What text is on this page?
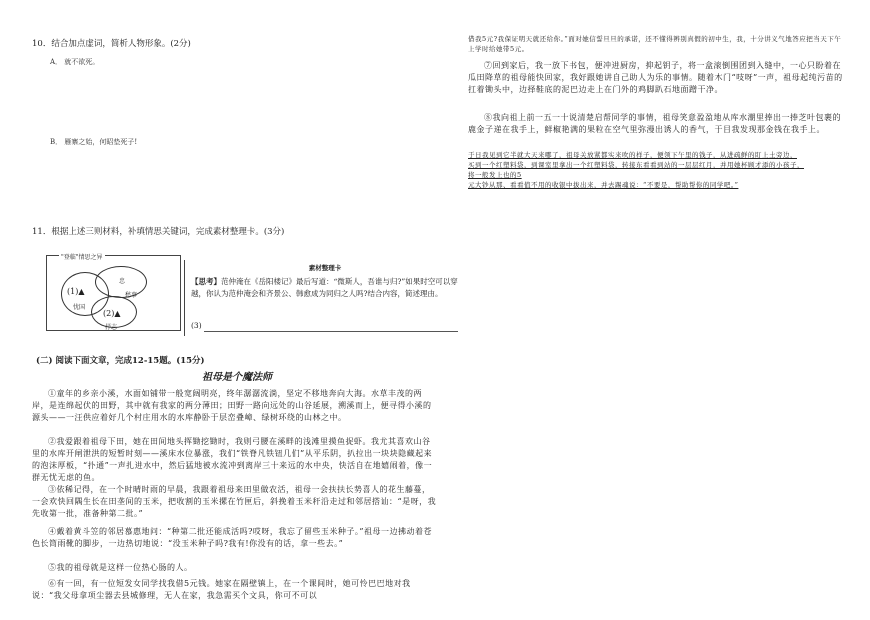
10．结合加点虚词，简析人物形象。(2分)
A． 就不欲死。
B． 雁寨之始，何昭垫死子!
11．根据上述三则材料，补填情思关键词，完成素材整理卡。(3分)
"登临"情思之异
(1)▲
忠
忧国
(2)▲
愁事
抒志
素材整理卡
【思考】范仲淹在《岳阳楼记》最后写道：“微斯人，吾谁与归?”如果时空可以穿越，你认为范仲淹会和齐景公、韩愈成为同归之人吗?结合内容，简述理由。
(3)
(二) 阅读下面文章，完成12-15题。(15分)
祖母是个魔法师
①童年的乡亲小溪，水面如铺带一般宽阔明亮，终年潺潺流淌，坚定不移地奔向大海。水草丰茂的两岸，是连绵起伏的田野，其中就有我家的两分薄田；田野一路向远处的山谷延展，溯溪而上，便寻得小溪的源头——一汪供应着好几个村庄用水的水库静卧于层峦叠嶂、绿树环绕的山林之中。
②我爱跟着祖母下田，她在田间地头挥锄挖锄时，我则弓腰在溪畔的浅滩里摸鱼捉虾。我尤其喜欢山谷里的水库开闸泄洪的短暂时刻——溪床水位暴涨，我们“铁脊凡铁钮几们”从平乐阴，扒拉出一块块隐藏起来的泡沫厚板，“扑通”一声扎进水中，然后猛地被水流冲到离岸三十来远的水中央，快活自在地嬉闹着，像一群无忧无虑的鱼。
③依稀记得，在一个时晴时雨的早晨，我跟着祖母来田里做农活，祖母一会扶扶长势喜人的花生藤蔓，一会欢快回隅生长在田垄间的玉米，把收割的玉米摞在竹匣后，斜挽着玉米秆沿走过和邻居搭讪：“是呀，我先收第一批，准备种第二批。”
④戴着黄斗笠的邻居慕惠地问：“种第二批还能成活吗?哎呀，我忘了留些玉米种子。”祖母一边拂动着苍色长筒雨靴的脚步，一边热切地说：“没玉米种子吗?我有!你没有的话，拿一些去。”
⑤我的祖母就是这样一位热心肠的人。
⑥有一回，有一位短发女同学找我借5元钱。她家在隔壁镇上，在一个课间时，她可怜巴巴地对我说：“我父母拿项尘器去县城修理，无人在家，我急需买个文具，你可不可以
借我5元?我保证明天就还给你。”面对她信誓旦旦的承诺，还不懂得辨别真假的初中生，我，十分讲义气地答应把当天下午上学时给她带5元。
⑦回到家后，我一放下书包，便冲进厨房，抑起钥子，将一盒滚倒围团到入缝中，一心只盼着在瓜田降草的祖母能快回家，我好跟她讲自己助人为乐的事情。随着木门“吱呀”一声，祖母起纯污苗的扛着锄头中，边择鞋底的泥巴边走上在门外的鸡脚趴石地面蹭干净。
⑧我向祖上前一五一十说清楚启帮同学的事情，祖母笑意盈盈地从库水潮里捧出一捧芝叶包裹的鹿金子递在我手上，鲜椒艳满的果粒在空气里弥漫出诱人的香气，于目我发现那金钱在我手上。
于日我见到它半就大天来哪了，祖母关放紧都实来吹的样子，便领下午里的钱子，从进疏鲜的盯上土旁边，
买到一个红塑料袋，到课室里拿出一个红塑料袋，转接东看看到站的一层层红月，并用她杯顾才添的小孩子，
将一般发上也的5
元大钞从那、看看值不用的收银中拔出来，并去踢魂说：“不要是，帮助帮你的同学吧。”
